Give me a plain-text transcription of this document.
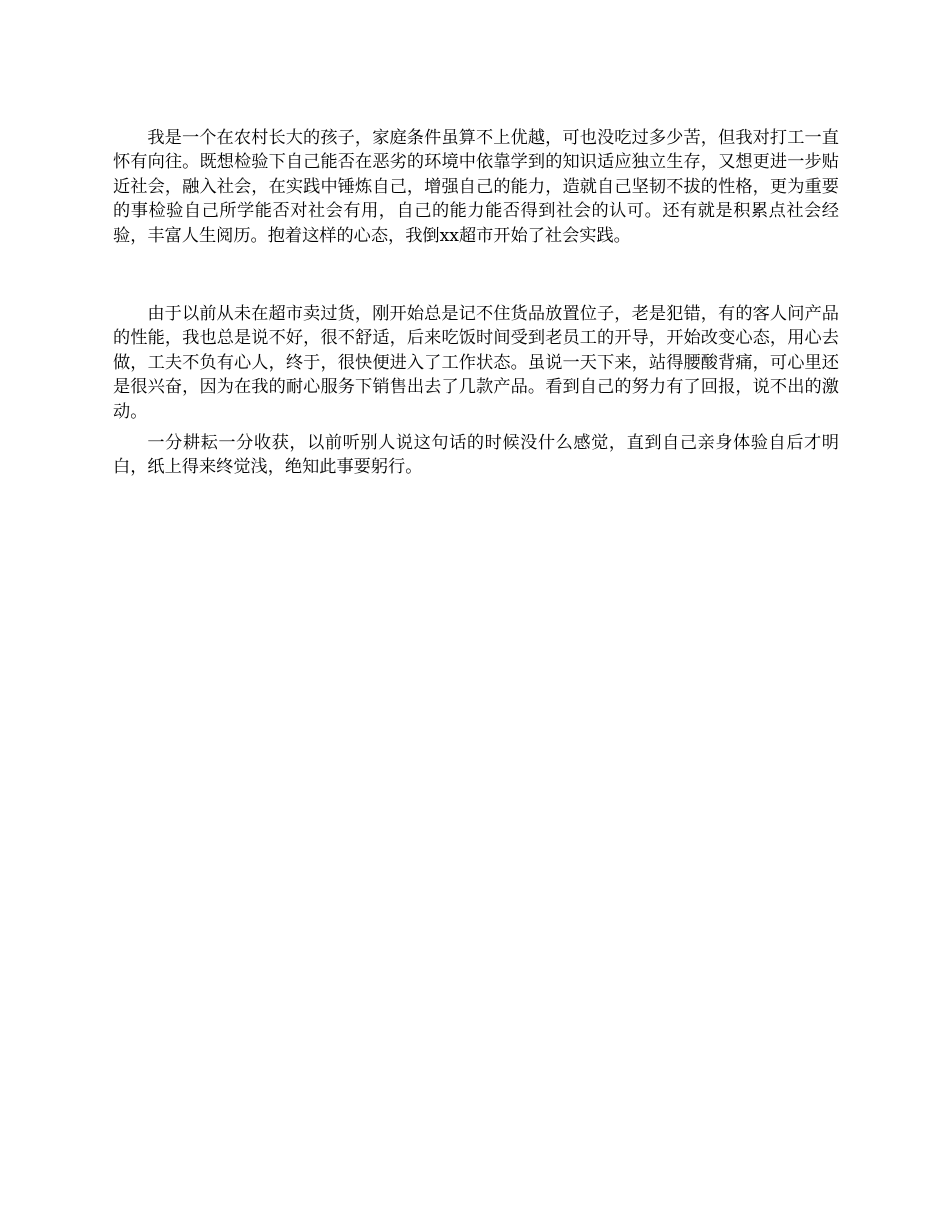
我是一个在农村长大的孩子，家庭条件虽算不上优越，可也没吃过多少苦，但我对打工一直怀有向往。既想检验下自己能否在恶劣的环境中依靠学到的知识适应独立生存，又想更进一步贴近社会，融入社会，在实践中锤炼自己，增强自己的能力，造就自己坚韧不拔的性格，更为重要的事检验自己所学能否对社会有用，自己的能力能否得到社会的认可。还有就是积累点社会经验，丰富人生阅历。抱着这样的心态，我倒xx超市开始了社会实践。

由于以前从未在超市卖过货，刚开始总是记不住货品放置位子，老是犯错，有的客人问产品的性能，我也总是说不好，很不舒适，后来吃饭时间受到老员工的开导，开始改变心态，用心去做，工夫不负有心人，终于，很快便进入了工作状态。虽说一天下来，站得腰酸背痛，可心里还是很兴奋，因为在我的耐心服务下销售出去了几款产品。看到自己的努力有了回报，说不出的激动。

一分耕耘一分收获，以前听别人说这句话的时候没什么感觉，直到自己亲身体验自后才明白，纸上得来终觉浅，绝知此事要躬行。
